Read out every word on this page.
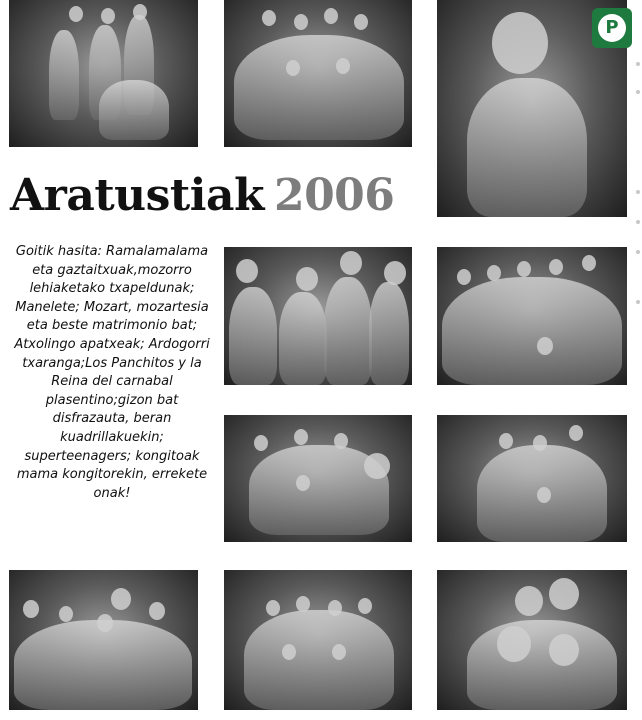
P
Aratustiak 2006

Goitik hasita: Ramalamalama eta gaztaitxuak,mozorro lehiaketako txapeldunak; Manelete; Mozart, mozartesia eta beste matrimonio bat; Atxolingo apatxeak; Ardogorri txaranga;Los Panchitos y la Reina del carnabal plasentino;gizon bat disfrazauta, beran kuadrillakuekin; superteenagers; kongitoak mama kongitorekin, errekete onak!
